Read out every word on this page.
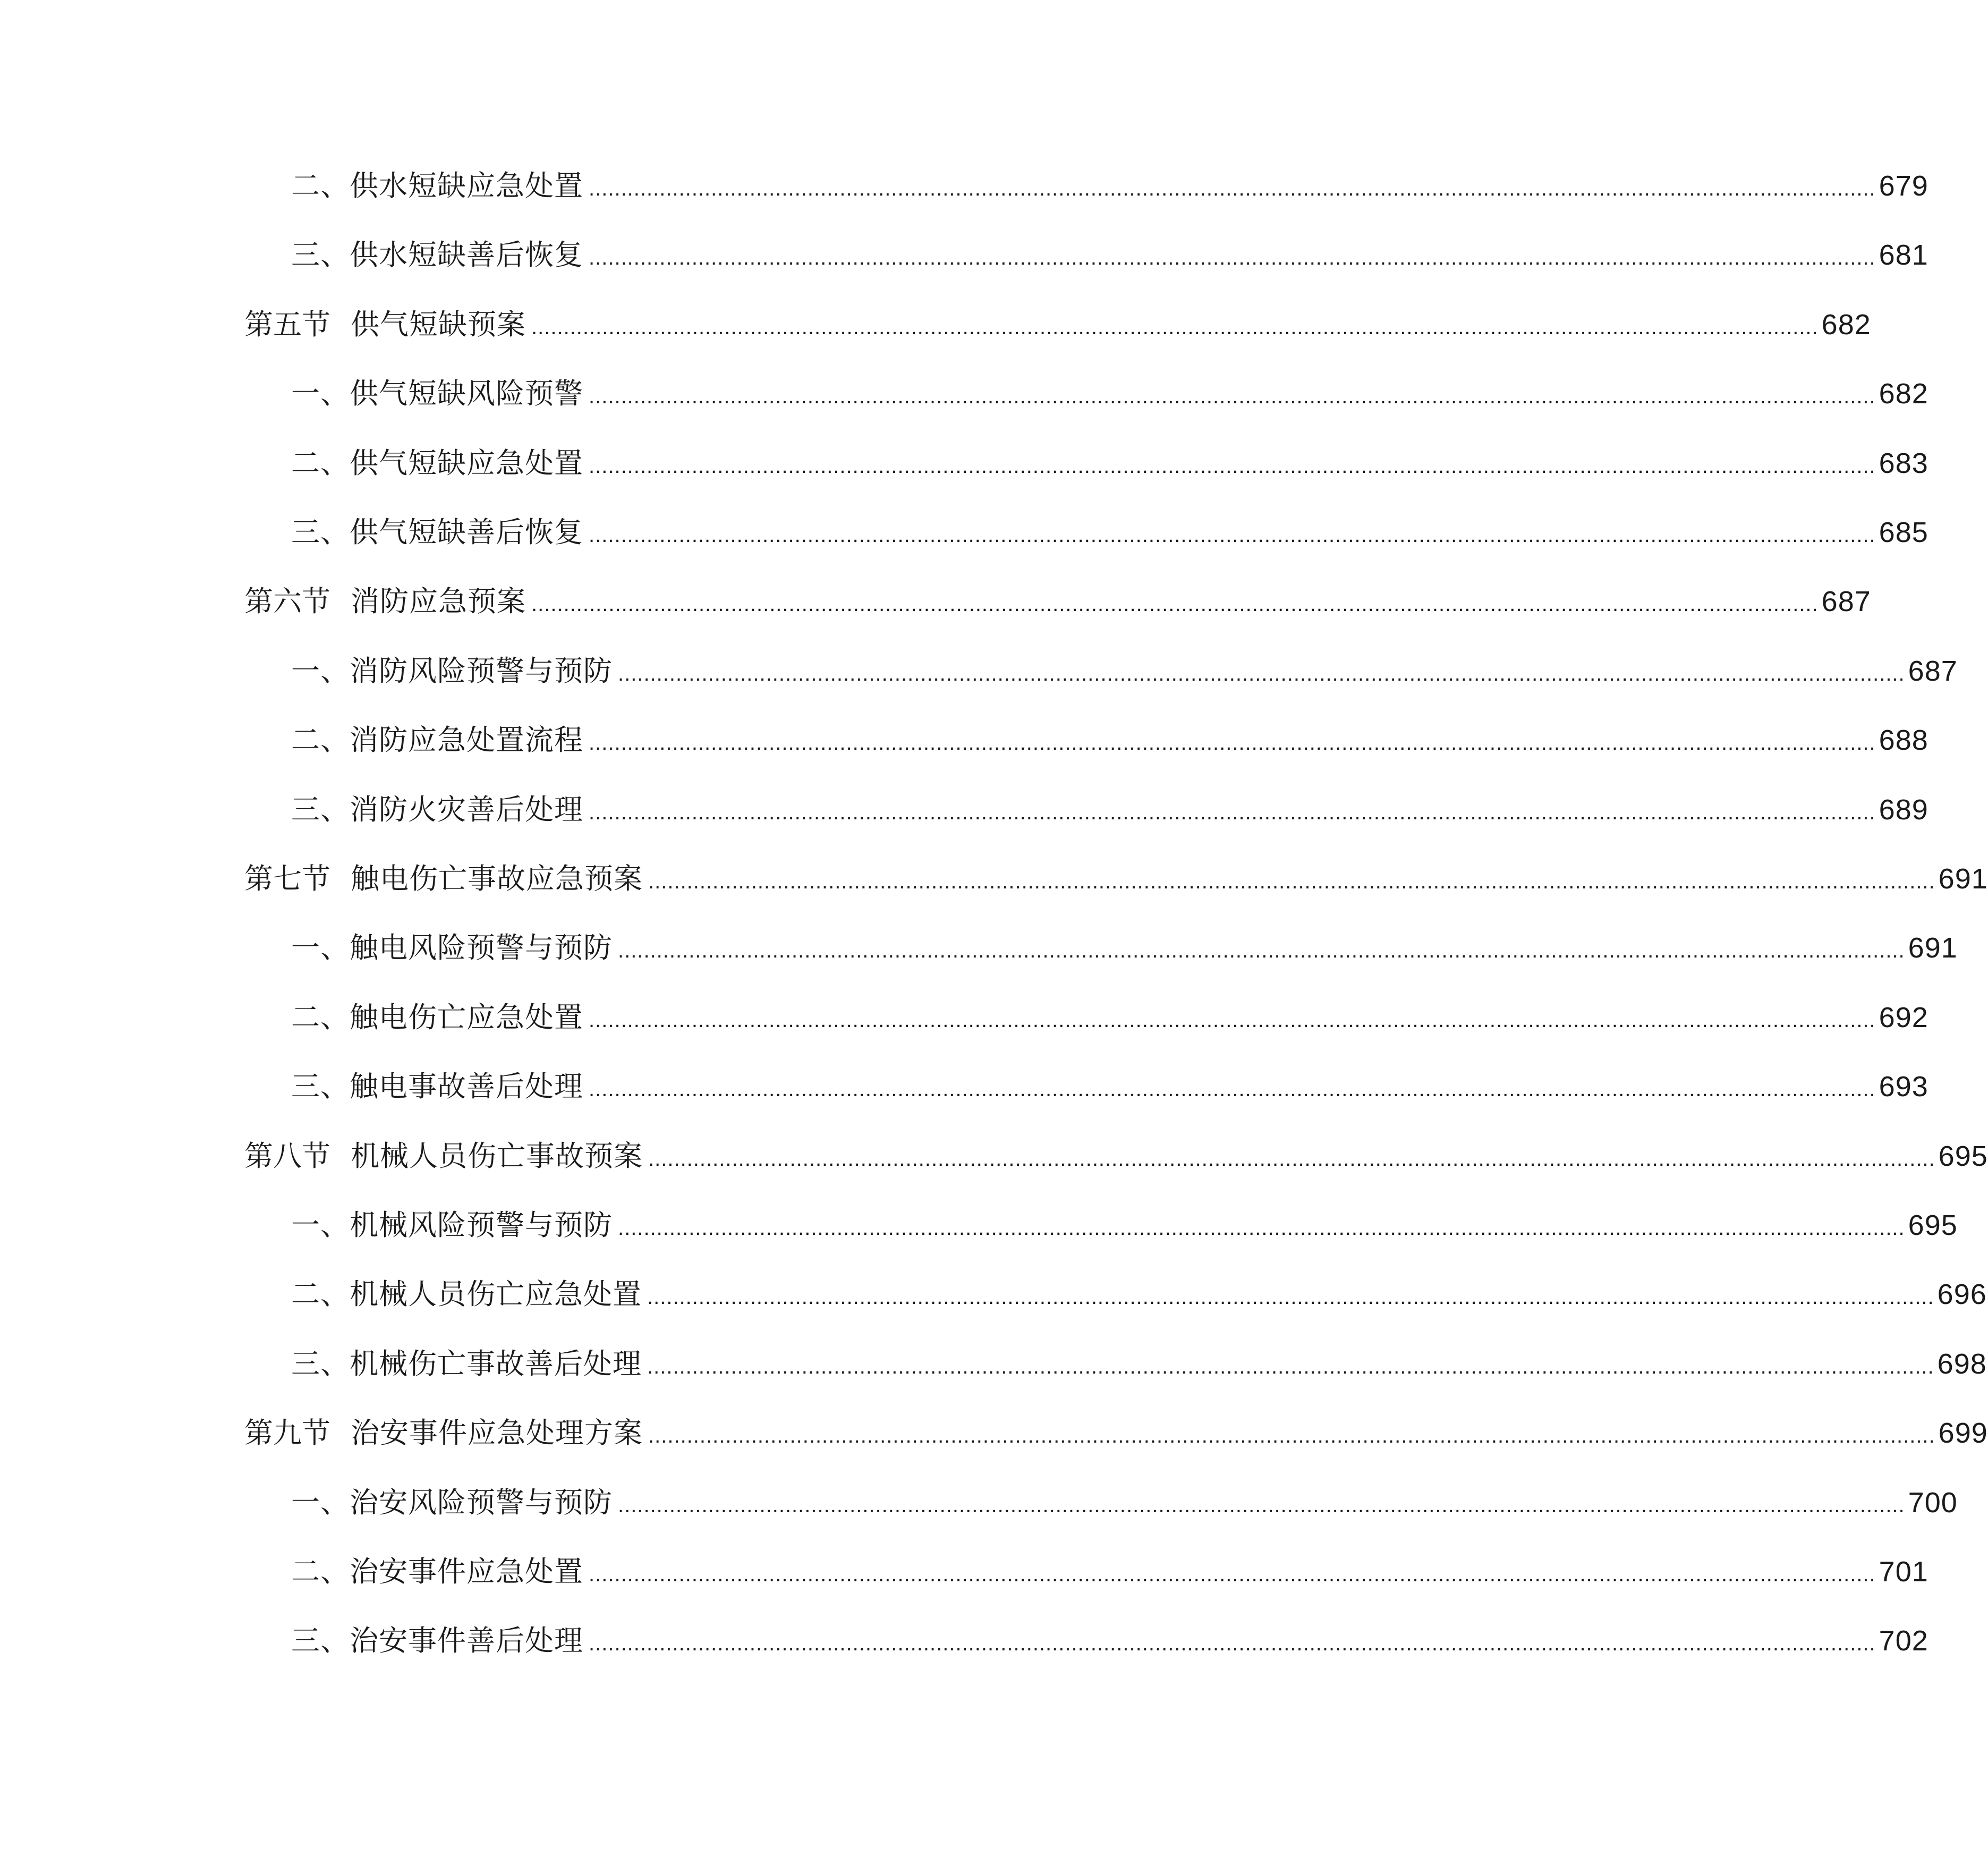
二、供水短缺应急处置 ........................................................................................................................................................................................................ 679
三、供水短缺善后恢复 ........................................................................................................................................................................................................ 681
第五节 供气短缺预案 ........................................................................................................................................................................................................ 682
一、供气短缺风险预警 ........................................................................................................................................................................................................ 682
二、供气短缺应急处置 ........................................................................................................................................................................................................ 683
三、供气短缺善后恢复 ........................................................................................................................................................................................................ 685
第六节 消防应急预案 ........................................................................................................................................................................................................ 687
一、消防风险预警与预防 ........................................................................................................................................................................................................ 687
二、消防应急处置流程 ........................................................................................................................................................................................................ 688
三、消防火灾善后处理 ........................................................................................................................................................................................................ 689
第七节 触电伤亡事故应急预案 ........................................................................................................................................................................................................ 691
一、触电风险预警与预防 ........................................................................................................................................................................................................ 691
二、触电伤亡应急处置 ........................................................................................................................................................................................................ 692
三、触电事故善后处理 ........................................................................................................................................................................................................ 693
第八节 机械人员伤亡事故预案 ........................................................................................................................................................................................................ 695
一、机械风险预警与预防 ........................................................................................................................................................................................................ 695
二、机械人员伤亡应急处置 ........................................................................................................................................................................................................ 696
三、机械伤亡事故善后处理 ........................................................................................................................................................................................................ 698
第九节 治安事件应急处理方案 ........................................................................................................................................................................................................ 699
一、治安风险预警与预防 ........................................................................................................................................................................................................ 700
二、治安事件应急处置 ........................................................................................................................................................................................................ 701
三、治安事件善后处理 ........................................................................................................................................................................................................ 702
